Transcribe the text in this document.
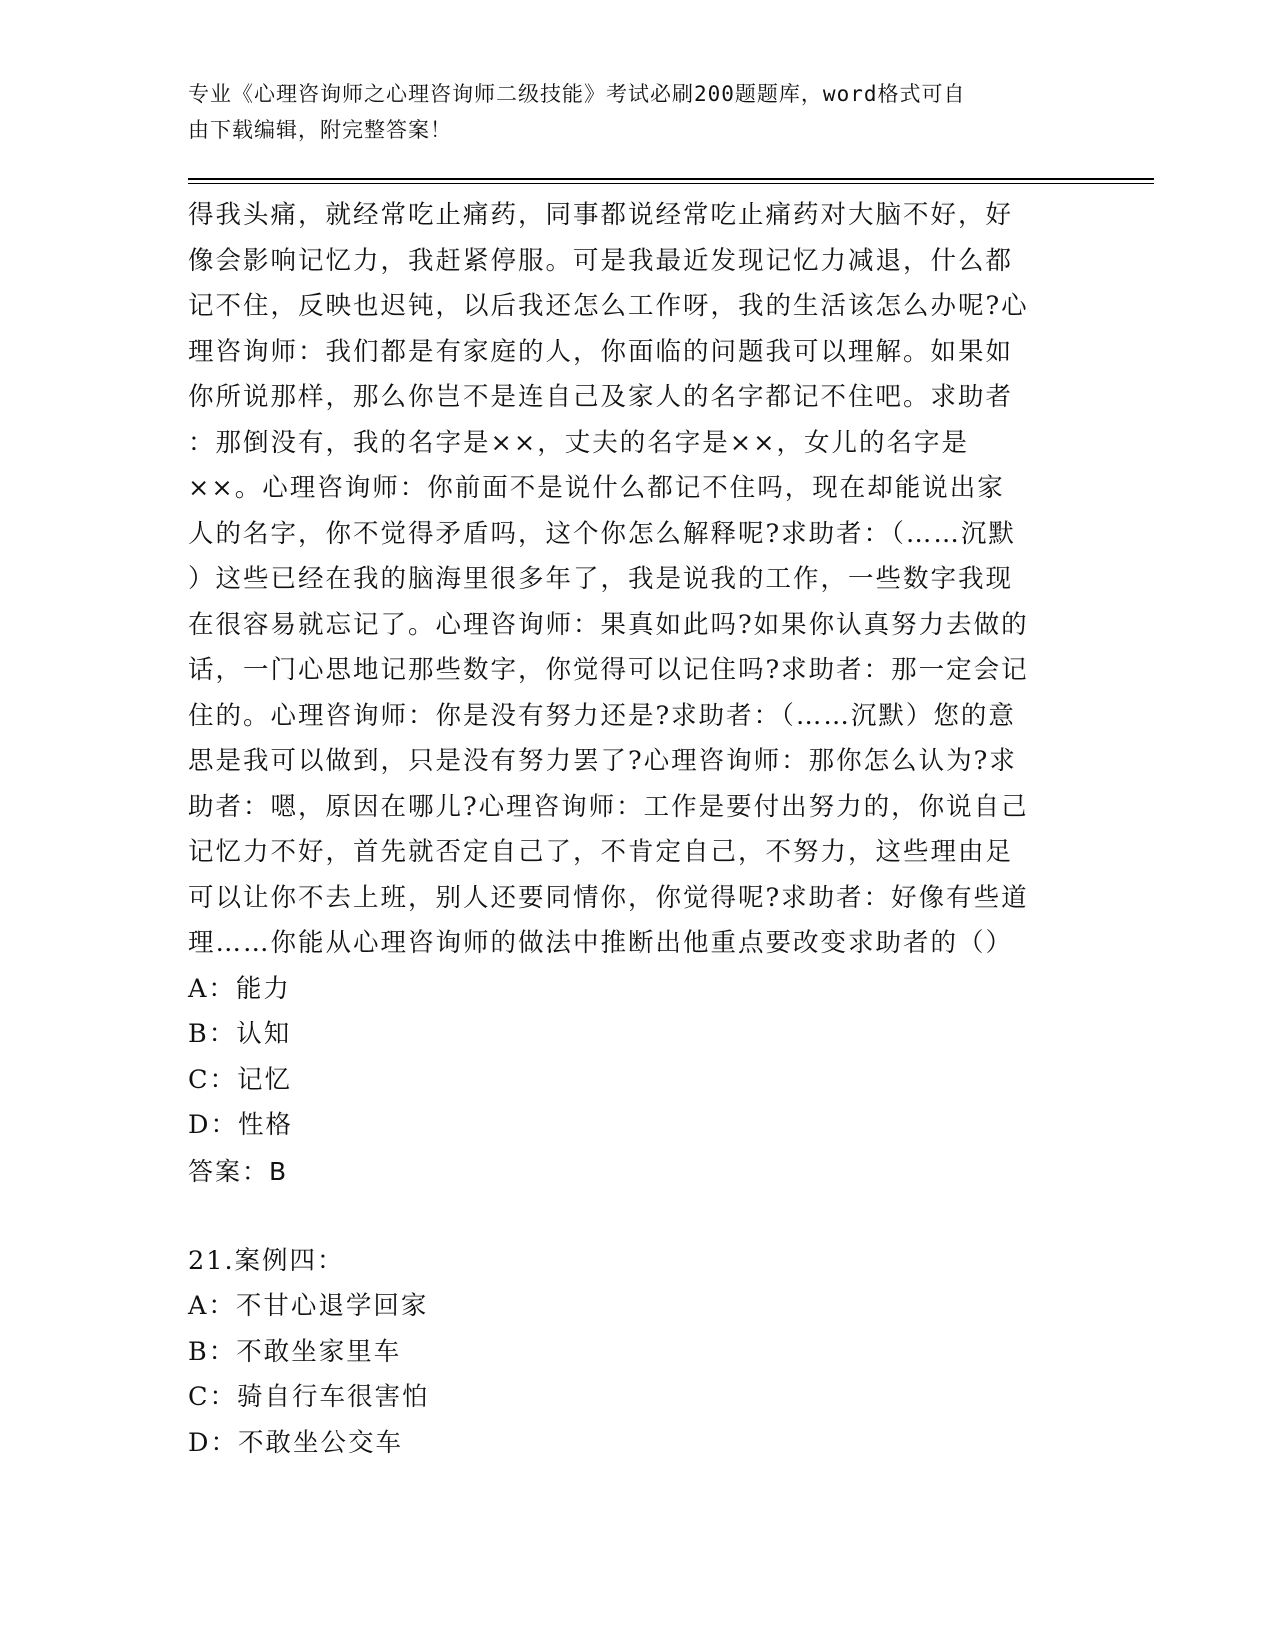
专业《心理咨询师之心理咨询师二级技能》考试必刷200题题库，word格式可自
由下载编辑，附完整答案！
得我头痛，就经常吃止痛药，同事都说经常吃止痛药对大脑不好，好
像会影响记忆力，我赶紧停服。可是我最近发现记忆力减退，什么都
记不住，反映也迟钝，以后我还怎么工作呀，我的生活该怎么办呢?心
理咨询师：我们都是有家庭的人，你面临的问题我可以理解。如果如
你所说那样，那么你岂不是连自己及家人的名字都记不住吧。求助者
：那倒没有，我的名字是××，丈夫的名字是××，女儿的名字是
××。心理咨询师：你前面不是说什么都记不住吗，现在却能说出家
人的名字，你不觉得矛盾吗，这个你怎么解释呢?求助者：（……沉默
）这些已经在我的脑海里很多年了，我是说我的工作，一些数字我现
在很容易就忘记了。心理咨询师：果真如此吗?如果你认真努力去做的
话，一门心思地记那些数字，你觉得可以记住吗?求助者：那一定会记
住的。心理咨询师：你是没有努力还是?求助者：（……沉默）您的意
思是我可以做到，只是没有努力罢了?心理咨询师：那你怎么认为?求
助者：嗯，原因在哪儿?心理咨询师：工作是要付出努力的，你说自己
记忆力不好，首先就否定自己了，不肯定自己，不努力，这些理由足
可以让你不去上班，别人还要同情你，你觉得呢?求助者：好像有些道
理……你能从心理咨询师的做法中推断出他重点要改变求助者的（）
A：能力
B：认知
C：记忆
D：性格
答案：B
21.案例四：
A：不甘心退学回家
B：不敢坐家里车
C：骑自行车很害怕
D：不敢坐公交车
